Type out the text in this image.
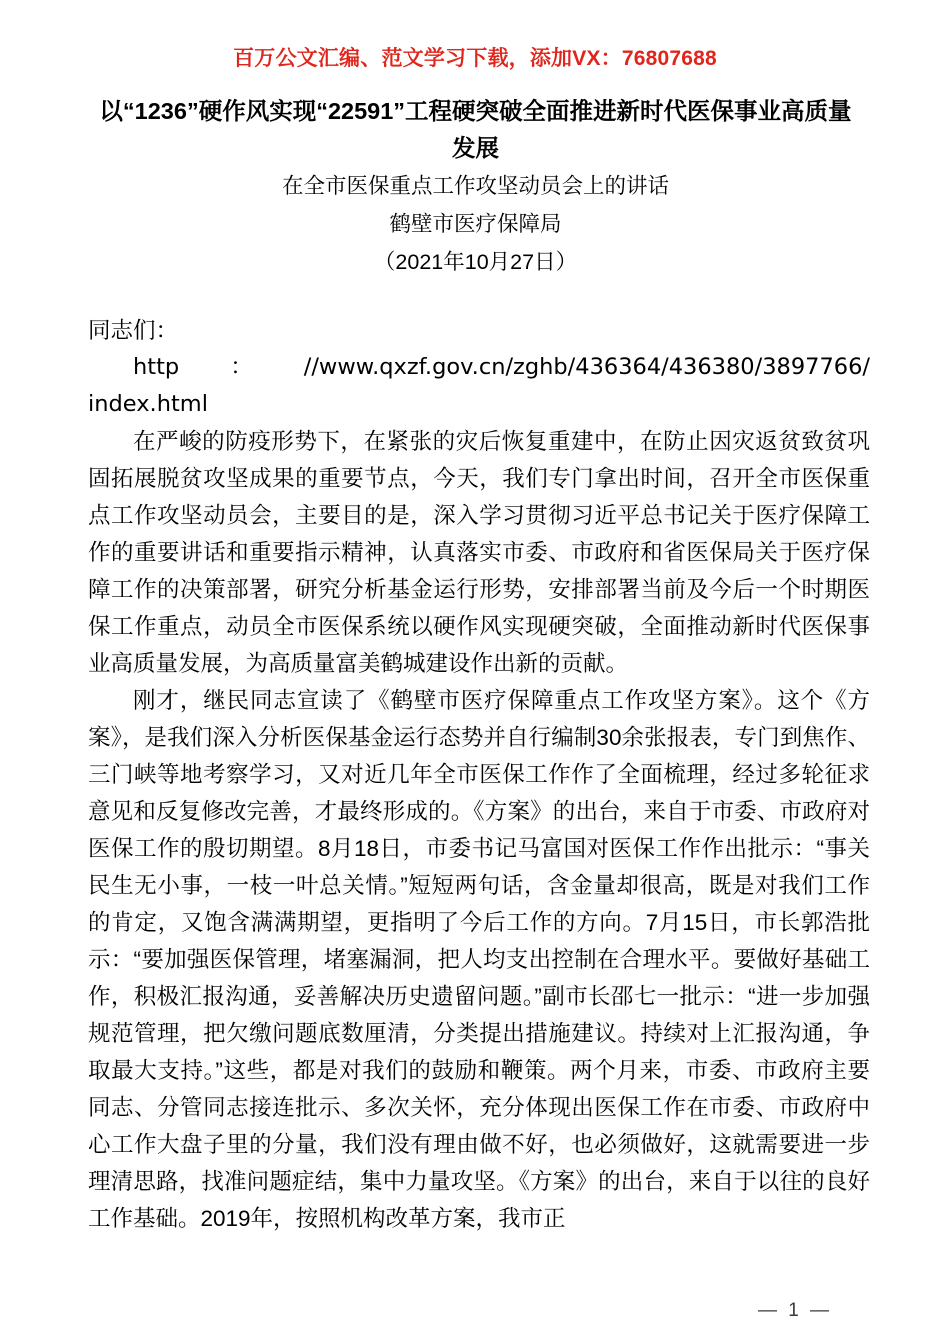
百万公文汇编、范文学习下载，添加VX：76807688
以“1236”硬作风实现“22591”工程硬突破全面推进新时代医保事业高质量发展
在全市医保重点工作攻坚动员会上的讲话
鹤壁市医疗保障局
（2021年10月27日）

同志们：

http ： //www.qxzf.gov.cn/zghb/436364/436380/3897766/
index.html

在严峻的防疫形势下，在紧张的灾后恢复重建中，在防止因灾返贫致贫巩固拓展脱贫攻坚成果的重要节点，今天，我们专门拿出时间，召开全市医保重点工作攻坚动员会，主要目的是，深入学习贯彻习近平总书记关于医疗保障工作的重要讲话和重要指示精神，认真落实市委、市政府和省医保局关于医疗保障工作的决策部署，研究分析基金运行形势，安排部署当前及今后一个时期医保工作重点，动员全市医保系统以硬作风实现硬突破，全面推动新时代医保事业高质量发展，为高质量富美鹤城建设作出新的贡献。

刚才，继民同志宣读了《鹤壁市医疗保障重点工作攻坚方案》。这个《方案》，是我们深入分析医保基金运行态势并自行编制30余张报表，专门到焦作、三门峡等地考察学习，又对近几年全市医保工作作了全面梳理，经过多轮征求意见和反复修改完善，才最终形成的。《方案》的出台，来自于市委、市政府对医保工作的殷切期望。8月18日，市委书记马富国对医保工作作出批示：“事关民生无小事，一枝一叶总关情。”短短两句话，含金量却很高，既是对我们工作的肯定，又饱含满满期望，更指明了今后工作的方向。7月15日，市长郭浩批示：“要加强医保管理，堵塞漏洞，把人均支出控制在合理水平。要做好基础工作，积极汇报沟通，妥善解决历史遗留问题。”副市长邵七一批示：“进一步加强规范管理，把欠缴问题底数厘清，分类提出措施建议。持续对上汇报沟通，争取最大支持。”这些，都是对我们的鼓励和鞭策。两个月来，市委、市政府主要同志、分管同志接连批示、多次关怀，充分体现出医保工作在市委、市政府中心工作大盘子里的分量，我们没有理由做不好，也必须做好，这就需要进一步理清思路，找准问题症结，集中力量攻坚。《方案》的出台，来自于以往的良好工作基础。2019年，按照机构改革方案，我市正

— 1 —
